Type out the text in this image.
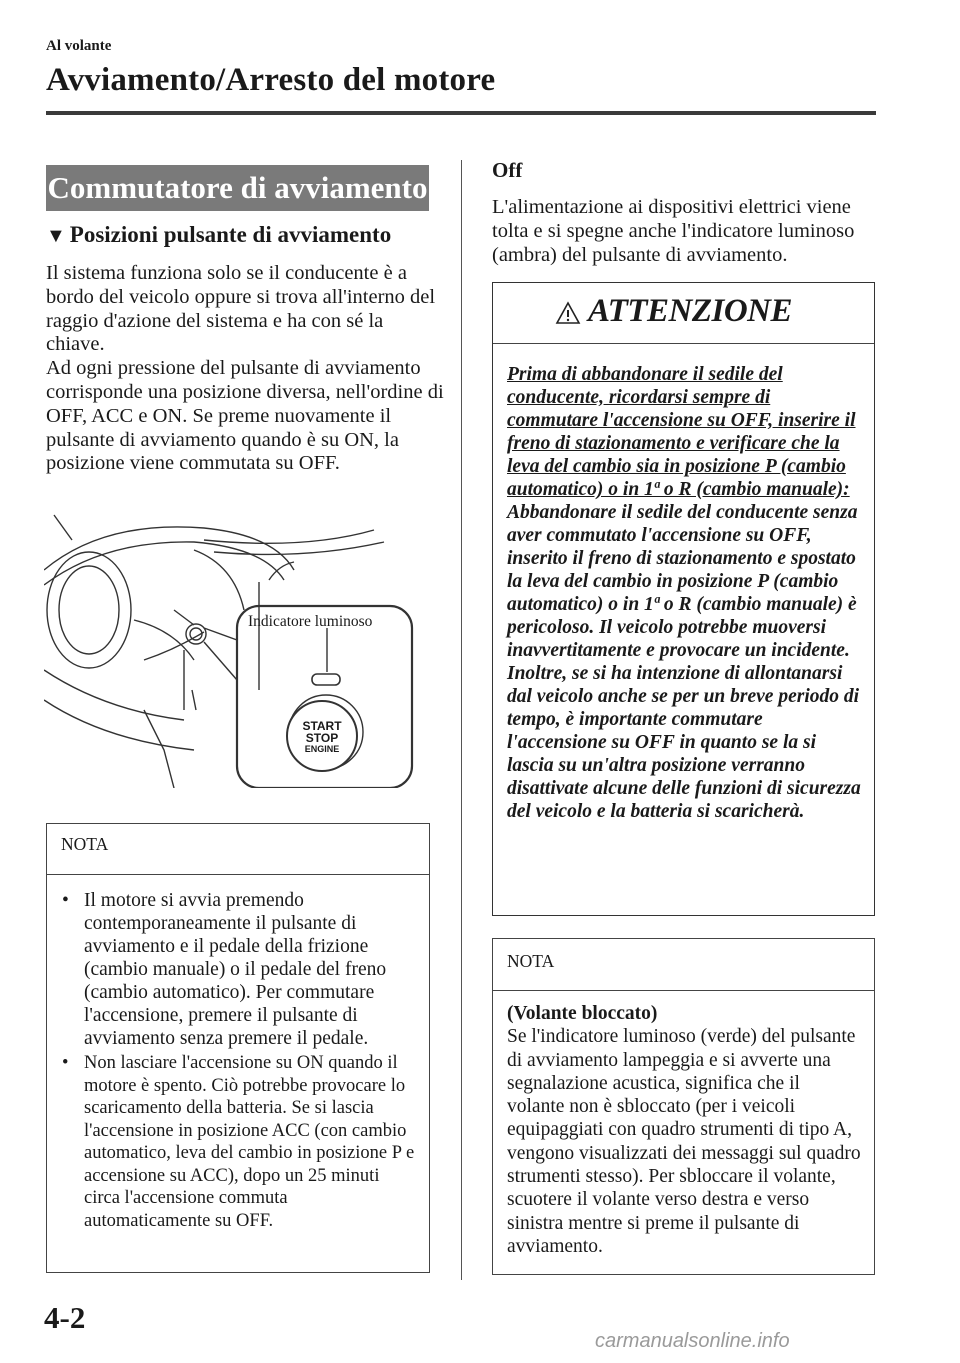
Al volante
Avviamento/Arresto del motore
Commutatore di avviamento
▼ Posizioni pulsante di avviamento

Il sistema funziona solo se il conducente è a bordo del veicolo oppure si trova all'interno del raggio d'azione del sistema e ha con sé la chiave.

Ad ogni pressione del pulsante di avviamento corrisponde una posizione diversa, nell'ordine di OFF, ACC e ON. Se preme nuovamente il pulsante di avviamento quando è su ON, la posizione viene commutata su OFF.

Indicatore luminoso
START
STOP
ENGINE
NOTA
• Il motore si avvia premendo contemporaneamente il pulsante di avviamento e il pedale della frizione (cambio manuale) o il pedale del freno (cambio automatico). Per commutare l'accensione, premere il pulsante di avviamento senza premere il pedale.
• Non lasciare l'accensione su ON quando il motore è spento. Ciò potrebbe provocare lo scaricamento della batteria. Se si lascia l'accensione in posizione ACC (con cambio automatico, leva del cambio in posizione P e accensione su ACC), dopo un 25 minuti circa l'accensione commuta automaticamente su OFF.
Off
L'alimentazione ai dispositivi elettrici viene tolta e si spegne anche l'indicatore luminoso (ambra) del pulsante di avviamento.
ATTENZIONE
Prima di abbandonare il sedile del conducente, ricordarsi sempre di commutare l'accensione su OFF, inserire il freno di stazionamento e verificare che la leva del cambio sia in posizione P (cambio automatico) o in 1ª o R (cambio manuale):
Abbandonare il sedile del conducente senza aver commutato l'accensione su OFF, inserito il freno di stazionamento e spostato la leva del cambio in posizione P (cambio automatico) o in 1ª o R (cambio manuale) è pericoloso. Il veicolo potrebbe muoversi inavvertitamente e provocare un incidente.
Inoltre, se si ha intenzione di allontanarsi dal veicolo anche se per un breve periodo di tempo, è importante commutare l'accensione su OFF in quanto se la si lascia su un'altra posizione verranno disattivate alcune delle funzioni di sicurezza del veicolo e la batteria si scaricherà.
NOTA
(Volante bloccato)
Se l'indicatore luminoso (verde) del pulsante di avviamento lampeggia e si avverte una segnalazione acustica, significa che il volante non è sbloccato (per i veicoli equipaggiati con quadro strumenti di tipo A, vengono visualizzati dei messaggi sul quadro strumenti stesso). Per sbloccare il volante, scuotere il volante verso destra e verso sinistra mentre si preme il pulsante di avviamento.
4-2
carmanualsonline.info
